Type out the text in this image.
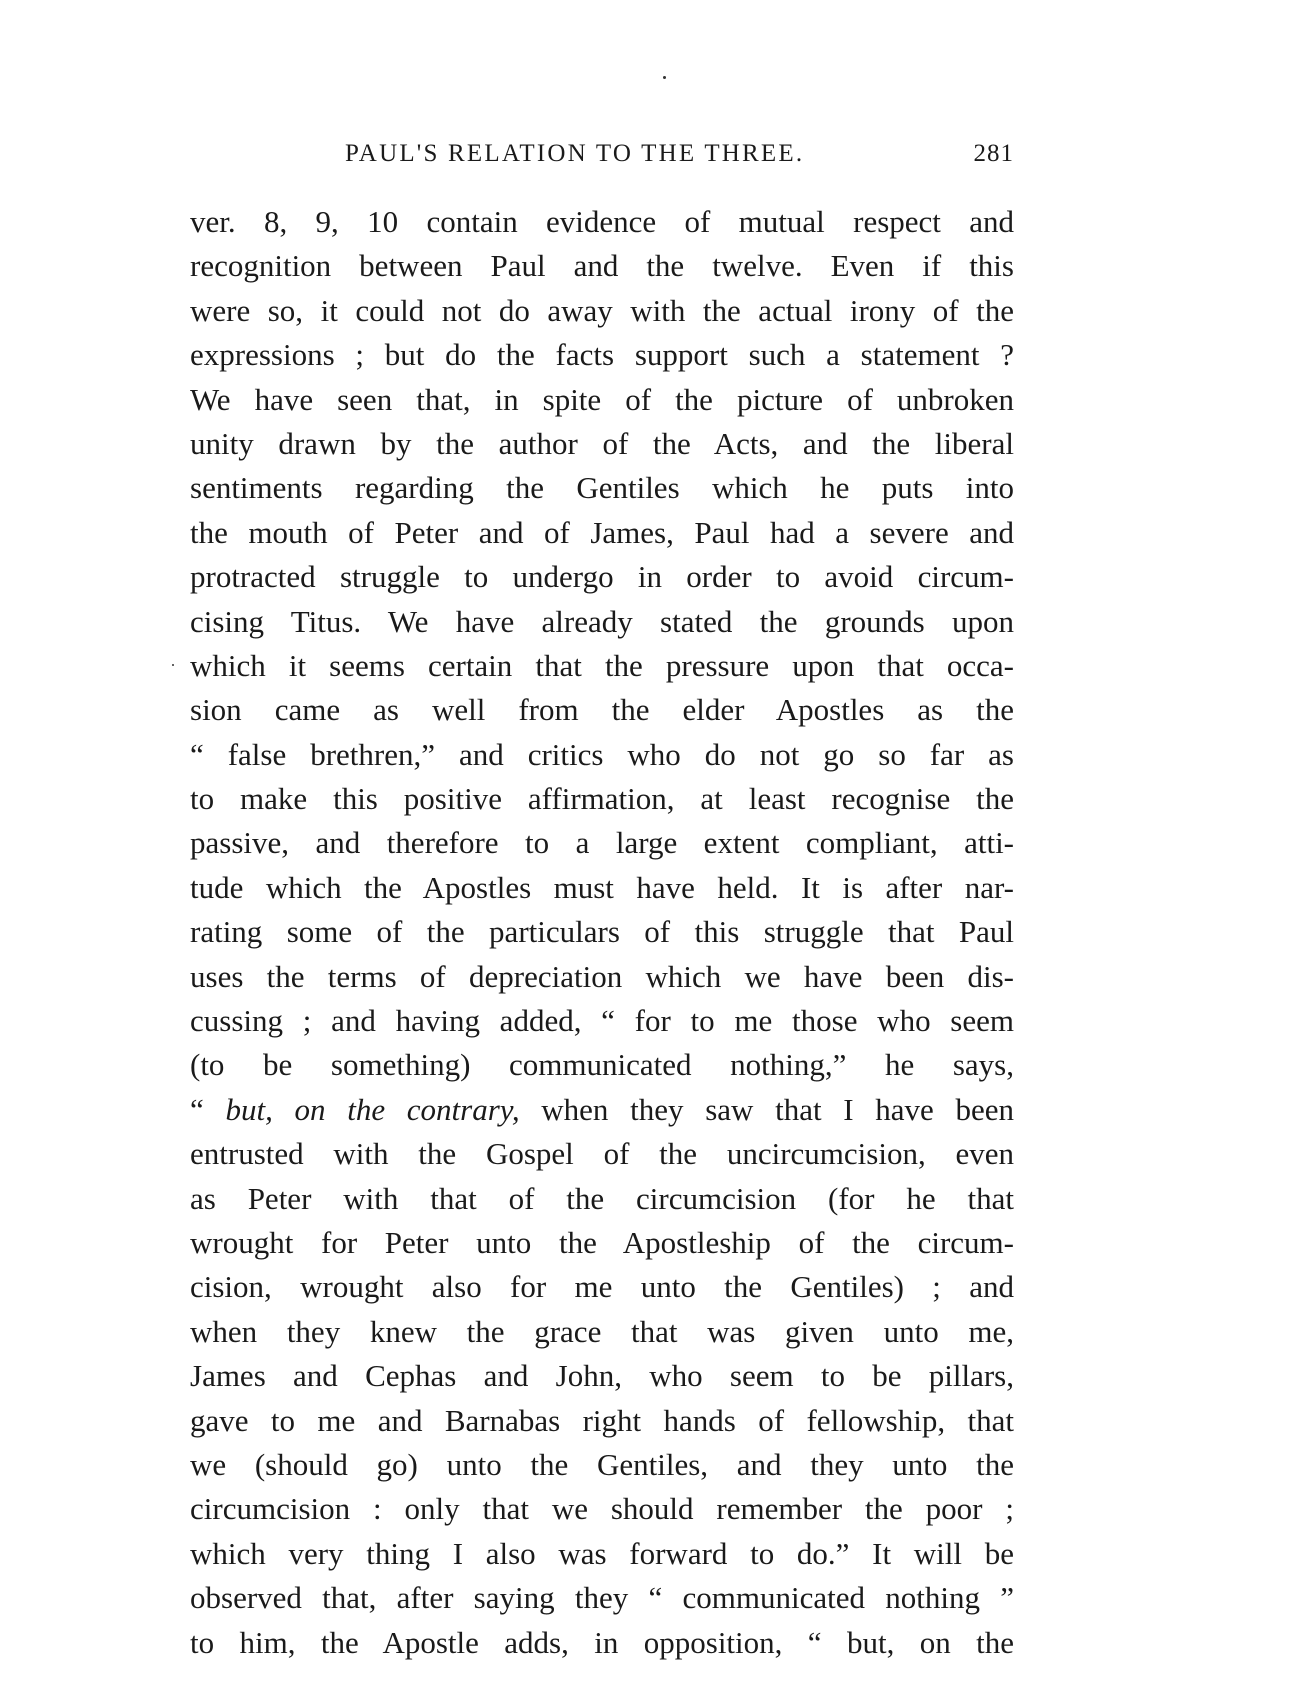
PAUL'S RELATION TO THE THREE.	281
ver. 8, 9, 10 contain evidence of mutual respect and
recognition between Paul and the twelve. Even if this
were so, it could not do away with the actual irony of the
expressions ; but do the facts support such a statement ?
We have seen that, in spite of the picture of unbroken
unity drawn by the author of the Acts, and the liberal
sentiments regarding the Gentiles which he puts into
the mouth of Peter and of James, Paul had a severe and
protracted struggle to undergo in order to avoid circum-
cising Titus. We have already stated the grounds upon
which it seems certain that the pressure upon that occa-
sion came as well from the elder Apostles as the
“ false brethren,” and critics who do not go so far as
to make this positive affirmation, at least recognise the
passive, and therefore to a large extent compliant, atti-
tude which the Apostles must have held. It is after nar-
rating some of the particulars of this struggle that Paul
uses the terms of depreciation which we have been dis-
cussing ; and having added, “ for to me those who seem
(to be something) communicated nothing,” he says,
“ but, on the contrary, when they saw that I have been
entrusted with the Gospel of the uncircumcision, even
as Peter with that of the circumcision (for he that
wrought for Peter unto the Apostleship of the circum-
cision, wrought also for me unto the Gentiles) ; and
when they knew the grace that was given unto me,
James and Cephas and John, who seem to be pillars,
gave to me and Barnabas right hands of fellowship, that
we (should go) unto the Gentiles, and they unto the
circumcision : only that we should remember the poor ;
which very thing I also was forward to do.” It will be
observed that, after saying they “ communicated nothing ”
to him, the Apostle adds, in opposition, “ but, on the
